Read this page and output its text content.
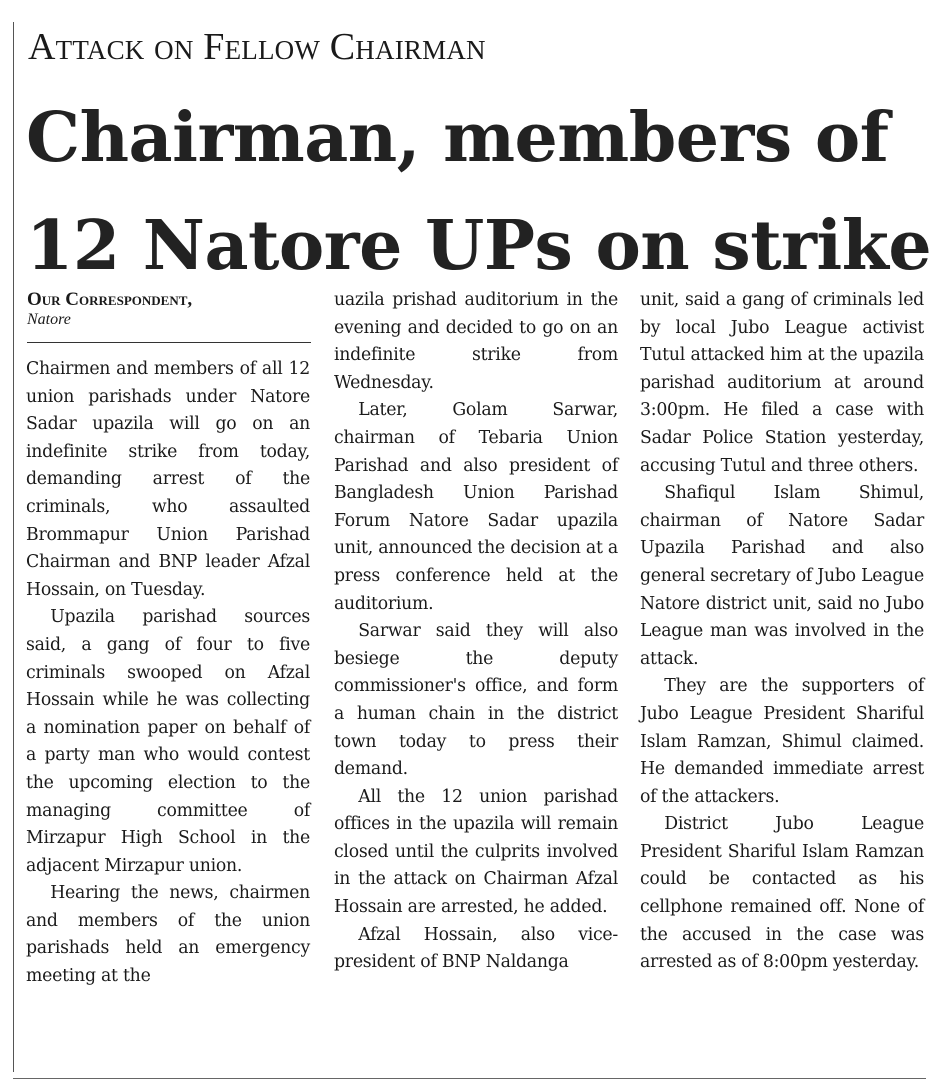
Attack on Fellow Chairman
Chairman, members of
12 Natore UPs on strike
Our Correspondent,
Natore

Chairmen and members of all 12 union parishads under Natore Sadar upazila will go on an indefinite strike from today, demanding arrest of the criminals, who assaulted Brommapur Union Parishad Chairman and BNP leader Afzal Hossain, on Tuesday.

Upazila parishad sources said, a gang of four to five criminals swooped on Afzal Hossain while he was collecting a nomination paper on behalf of a party man who would contest the upcoming election to the managing committee of Mirzapur High School in the adjacent Mirzapur union.

Hearing the news, chairmen and members of the union parishads held an emergency meeting at the

uazila prishad auditorium in the evening and decided to go on an indefinite strike from Wednesday.

Later, Golam Sarwar, chairman of Tebaria Union Parishad and also president of Bangladesh Union Parishad Forum Natore Sadar upazila unit, announced the decision at a press conference held at the auditorium.

Sarwar said they will also besiege the deputy commissioner's office, and form a human chain in the district town today to press their demand.

All the 12 union parishad offices in the upazila will remain closed until the culprits involved in the attack on Chairman Afzal Hossain are arrested, he added.

Afzal Hossain, also vice-president of BNP Naldanga

unit, said a gang of criminals led by local Jubo League activist Tutul attacked him at the upazila parishad auditorium at around 3:00pm. He filed a case with Sadar Police Station yesterday, accusing Tutul and three others.

Shafiqul Islam Shimul, chairman of Natore Sadar Upazila Parishad and also general secretary of Jubo League Natore district unit, said no Jubo League man was involved in the attack.

They are the supporters of Jubo League President Shariful Islam Ramzan, Shimul claimed. He demanded immediate arrest of the attackers.

District Jubo League President Shariful Islam Ramzan could be contacted as his cellphone remained off. None of the accused in the case was arrested as of 8:00pm yesterday.
